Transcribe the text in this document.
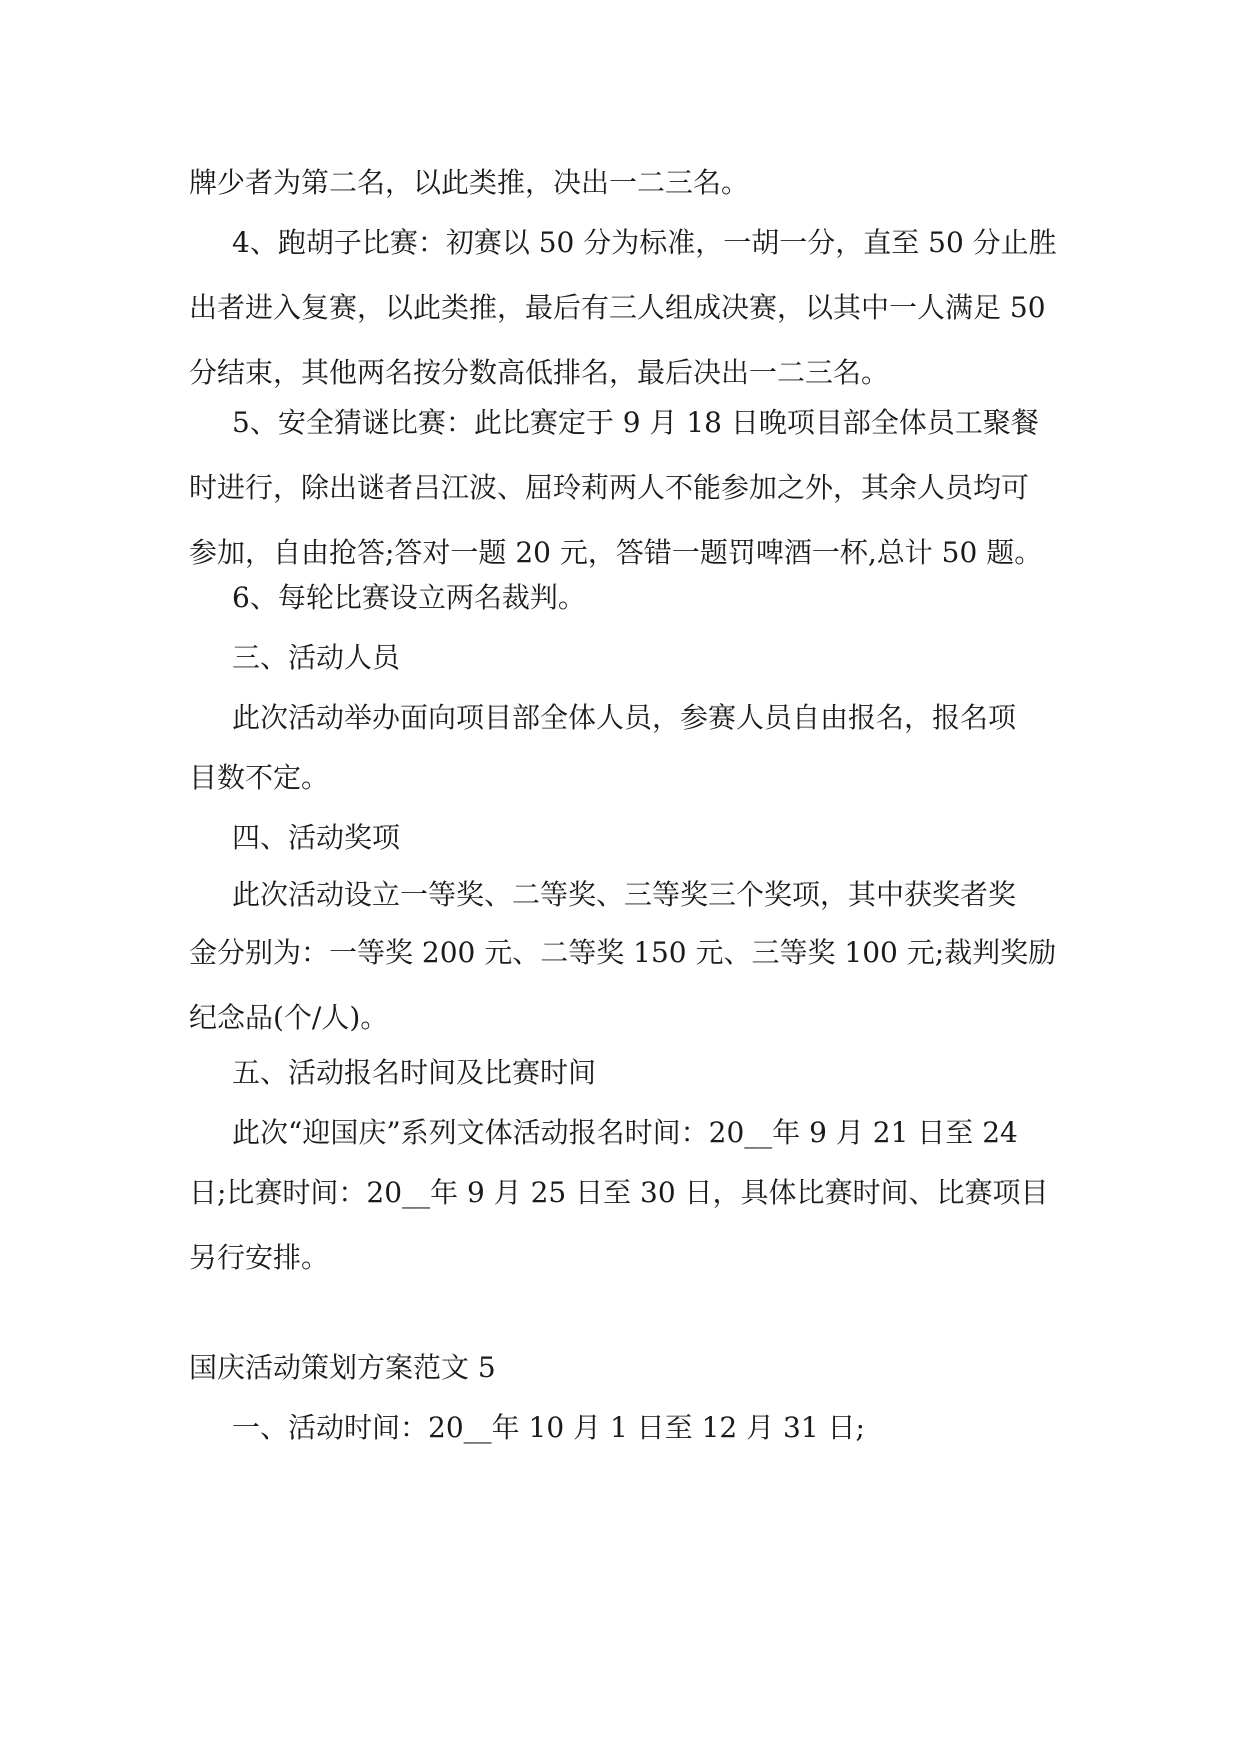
牌少者为第二名，以此类推，决出一二三名。
4、跑胡子比赛：初赛以 50 分为标准，一胡一分，直至 50 分止胜
出者进入复赛，以此类推，最后有三人组成决赛，以其中一人满足 50
分结束，其他两名按分数高低排名，最后决出一二三名。
5、安全猜谜比赛：此比赛定于 9 月 18 日晚项目部全体员工聚餐
时进行，除出谜者吕江波、屈玲莉两人不能参加之外，其余人员均可
参加，自由抢答;答对一题 20 元，答错一题罚啤酒一杯,总计 50 题。
6、每轮比赛设立两名裁判。
三、活动人员
此次活动举办面向项目部全体人员，参赛人员自由报名，报名项
目数不定。
四、活动奖项
此次活动设立一等奖、二等奖、三等奖三个奖项，其中获奖者奖
金分别为：一等奖 200 元、二等奖 150 元、三等奖 100 元;裁判奖励
纪念品(个/人)。
五、活动报名时间及比赛时间
此次“迎国庆”系列文体活动报名时间：20__年 9 月 21 日至 24
日;比赛时间：20__年 9 月 25 日至 30 日，具体比赛时间、比赛项目
另行安排。
国庆活动策划方案范文 5
一、活动时间：20__年 10 月 1 日至 12 月 31 日;
